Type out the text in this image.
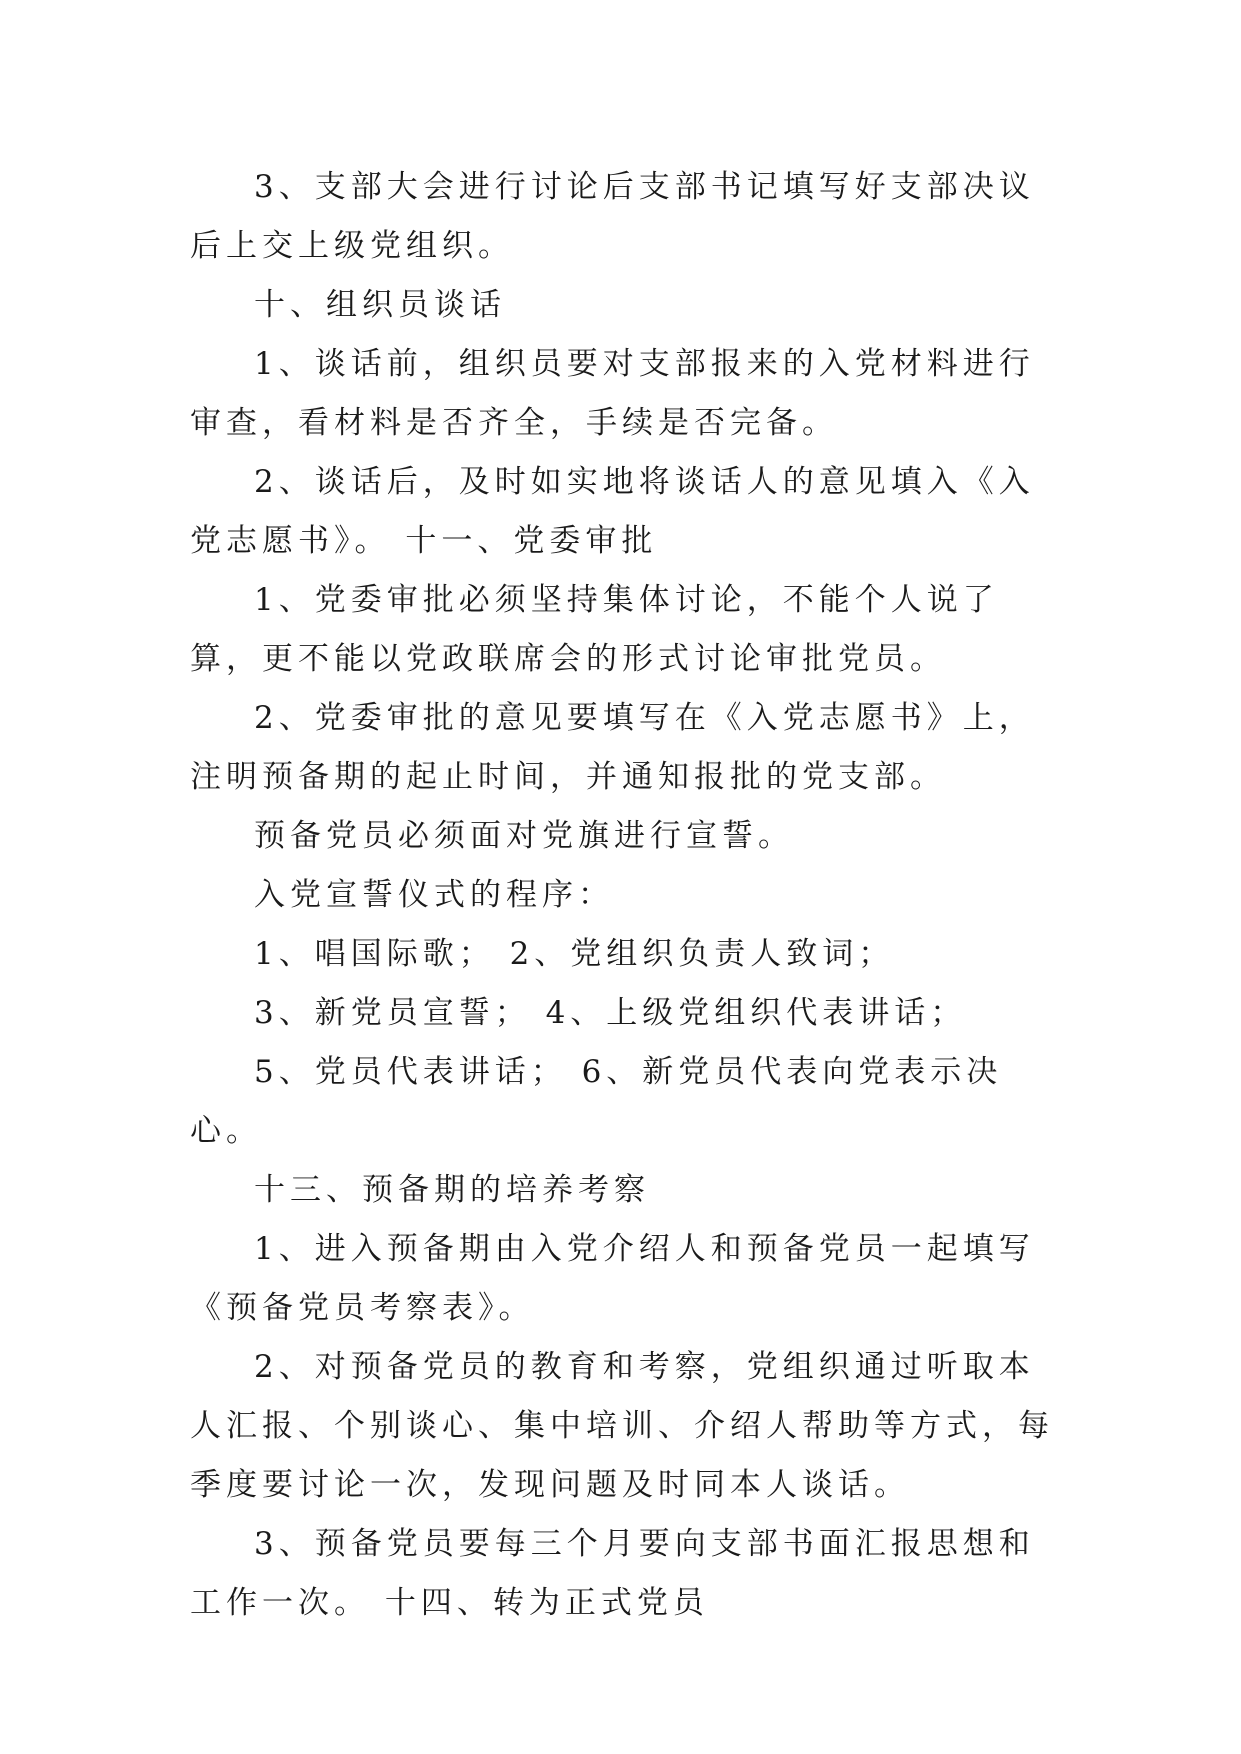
3、支部大会进行讨论后支部书记填写好支部决议后上交上级党组织。

十、组织员谈话

1、谈话前，组织员要对支部报来的入党材料进行审查，看材料是否齐全，手续是否完备。

2、谈话后，及时如实地将谈话人的意见填入《入党志愿书》。 十一、党委审批

1、党委审批必须坚持集体讨论，不能个人说了算，更不能以党政联席会的形式讨论审批党员。

2、党委审批的意见要填写在《入党志愿书》上，注明预备期的起止时间，并通知报批的党支部。

预备党员必须面对党旗进行宣誓。

入党宣誓仪式的程序：

1、唱国际歌； 2、党组织负责人致词；

3、新党员宣誓； 4、上级党组织代表讲话；

5、党员代表讲话； 6、新党员代表向党表示决心。

十三、预备期的培养考察

1、进入预备期由入党介绍人和预备党员一起填写《预备党员考察表》。

2、对预备党员的教育和考察，党组织通过听取本人汇报、个别谈心、集中培训、介绍人帮助等方式，每季度要讨论一次，发现问题及时同本人谈话。

3、预备党员要每三个月要向支部书面汇报思想和工作一次。 十四、转为正式党员
